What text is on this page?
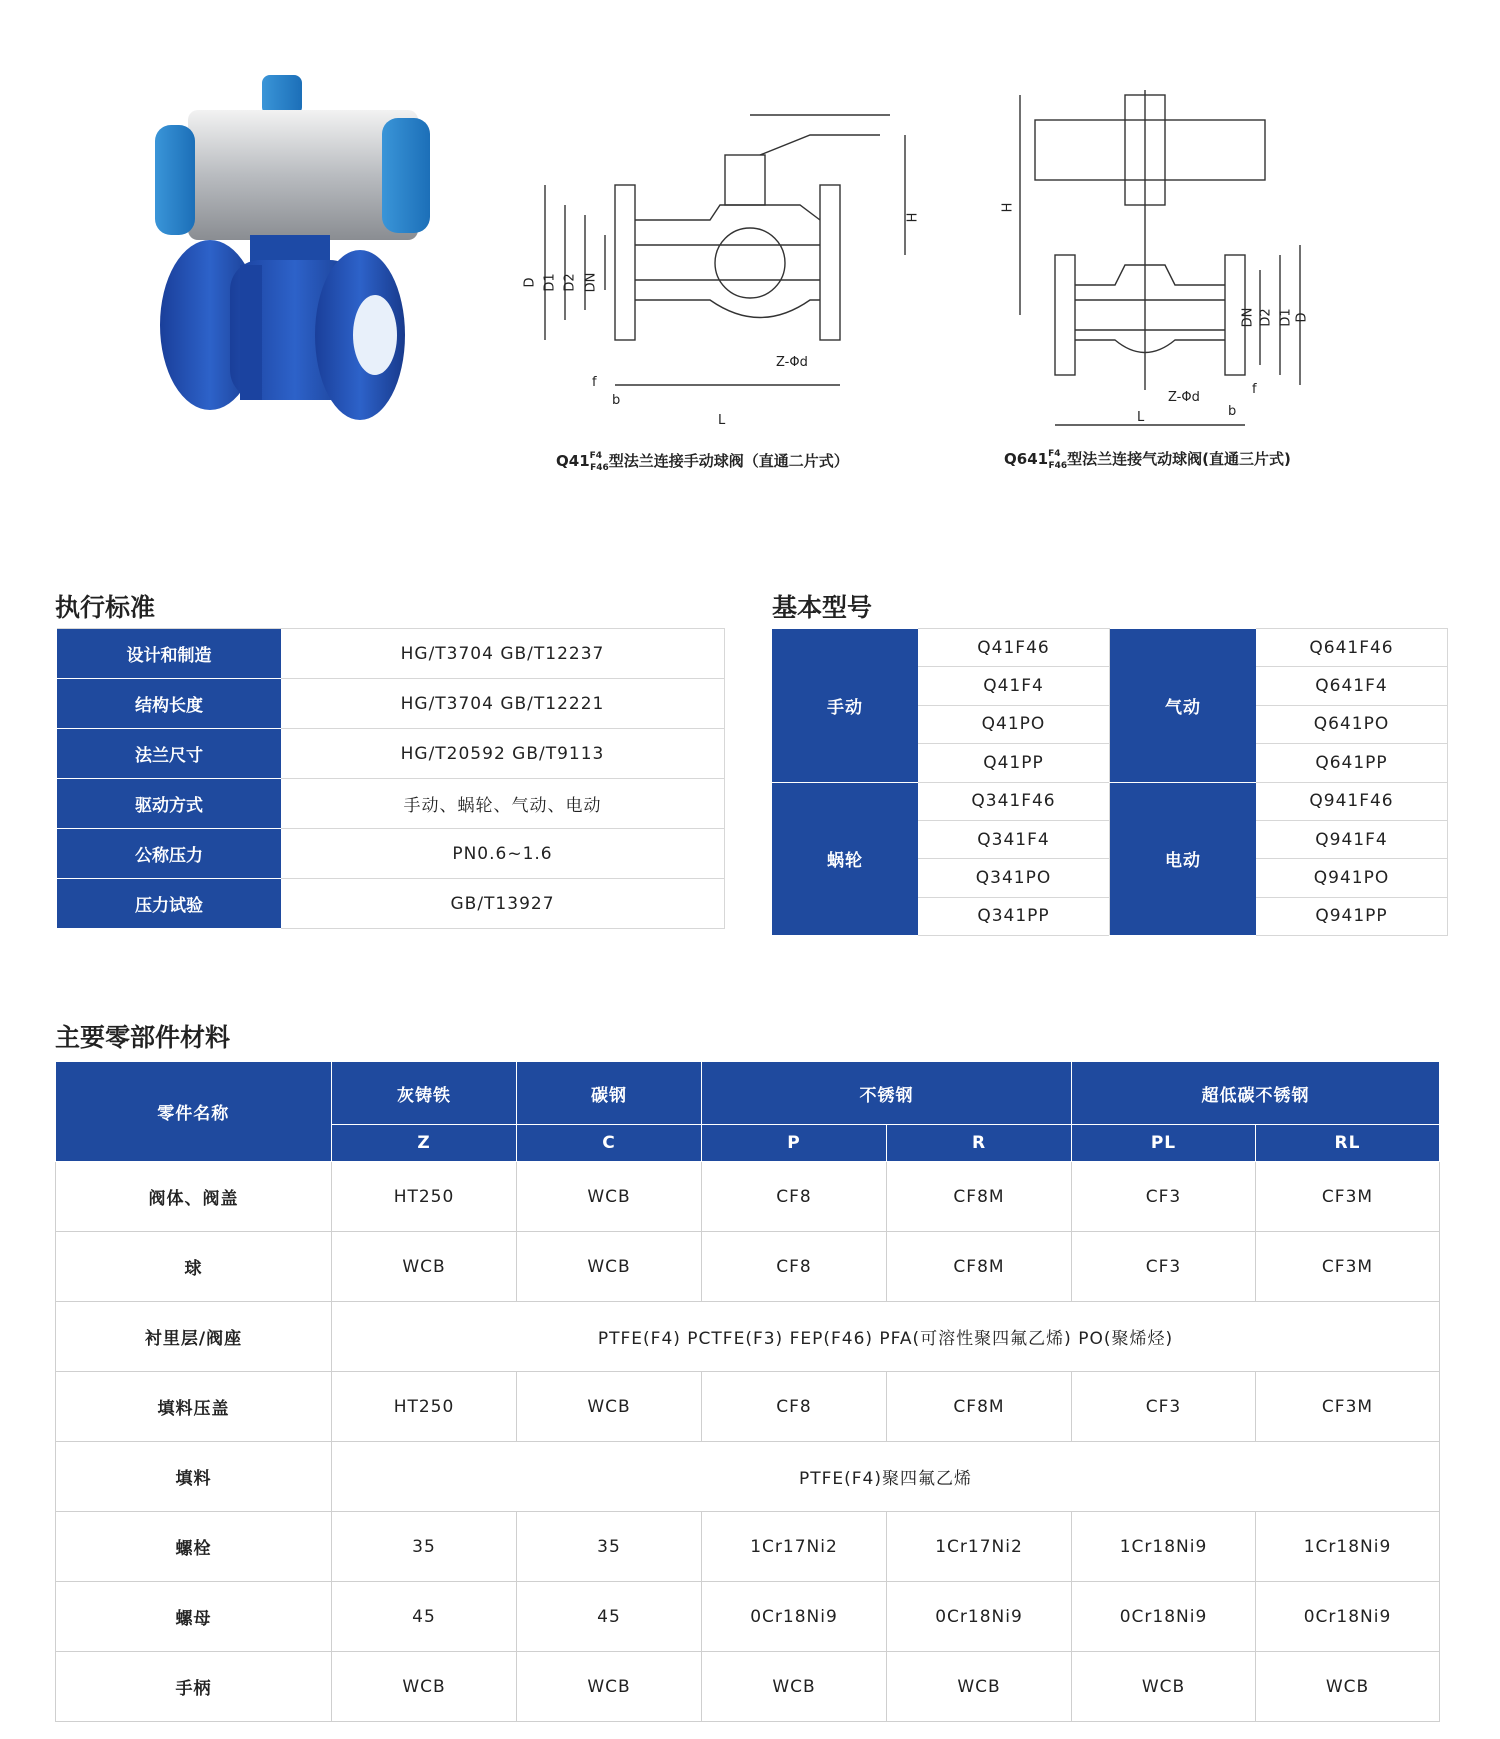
D D1 D2 DN
H
L
f
b
Z-Φd
$Q41^{F4}_{F46}$型法兰连接手动球阀（直通二片式）
H
DN D2 D1 D
L
Z-Φd
f
b
$Q641^{F4}_{F46}$型法兰连接气动球阀(直通三片式)
执行标准
设计和制造	HG/T3704 GB/T12237
结构长度	HG/T3704 GB/T12221
法兰尺寸	HG/T20592 GB/T9113
驱动方式	手动、蜗轮、气动、电动
公称压力	PN0.6~1.6
压力试验	GB/T13927
基本型号
手动	Q41F46	气动	Q641F46
	Q41F4		Q641F4
	Q41PO		Q641PO
	Q41PP		Q641PP
蜗轮	Q341F46	电动	Q941F46
	Q341F4		Q941F4
	Q341PO		Q941PO
	Q341PP		Q941PP
主要零部件材料
零件名称	灰铸铁	碳钢	不锈钢		超低碳不锈钢	
	Z	C	P	R	PL	RL
阀体、阀盖	HT250	WCB	CF8	CF8M	CF3	CF3M
球	WCB	WCB	CF8	CF8M	CF3	CF3M
衬里层/阀座	PTFE(F4) PCTFE(F3) FEP(F46) PFA(可溶性聚四氟乙烯) PO(聚烯烃)					
填料压盖	HT250	WCB	CF8	CF8M	CF3	CF3M
填料	PTFE(F4)聚四氟乙烯					
螺栓	35	35	1Cr17Ni2	1Cr17Ni2	1Cr18Ni9	1Cr18Ni9
螺母	45	45	0Cr18Ni9	0Cr18Ni9	0Cr18Ni9	0Cr18Ni9
手柄	WCB	WCB	WCB	WCB	WCB	WCB
